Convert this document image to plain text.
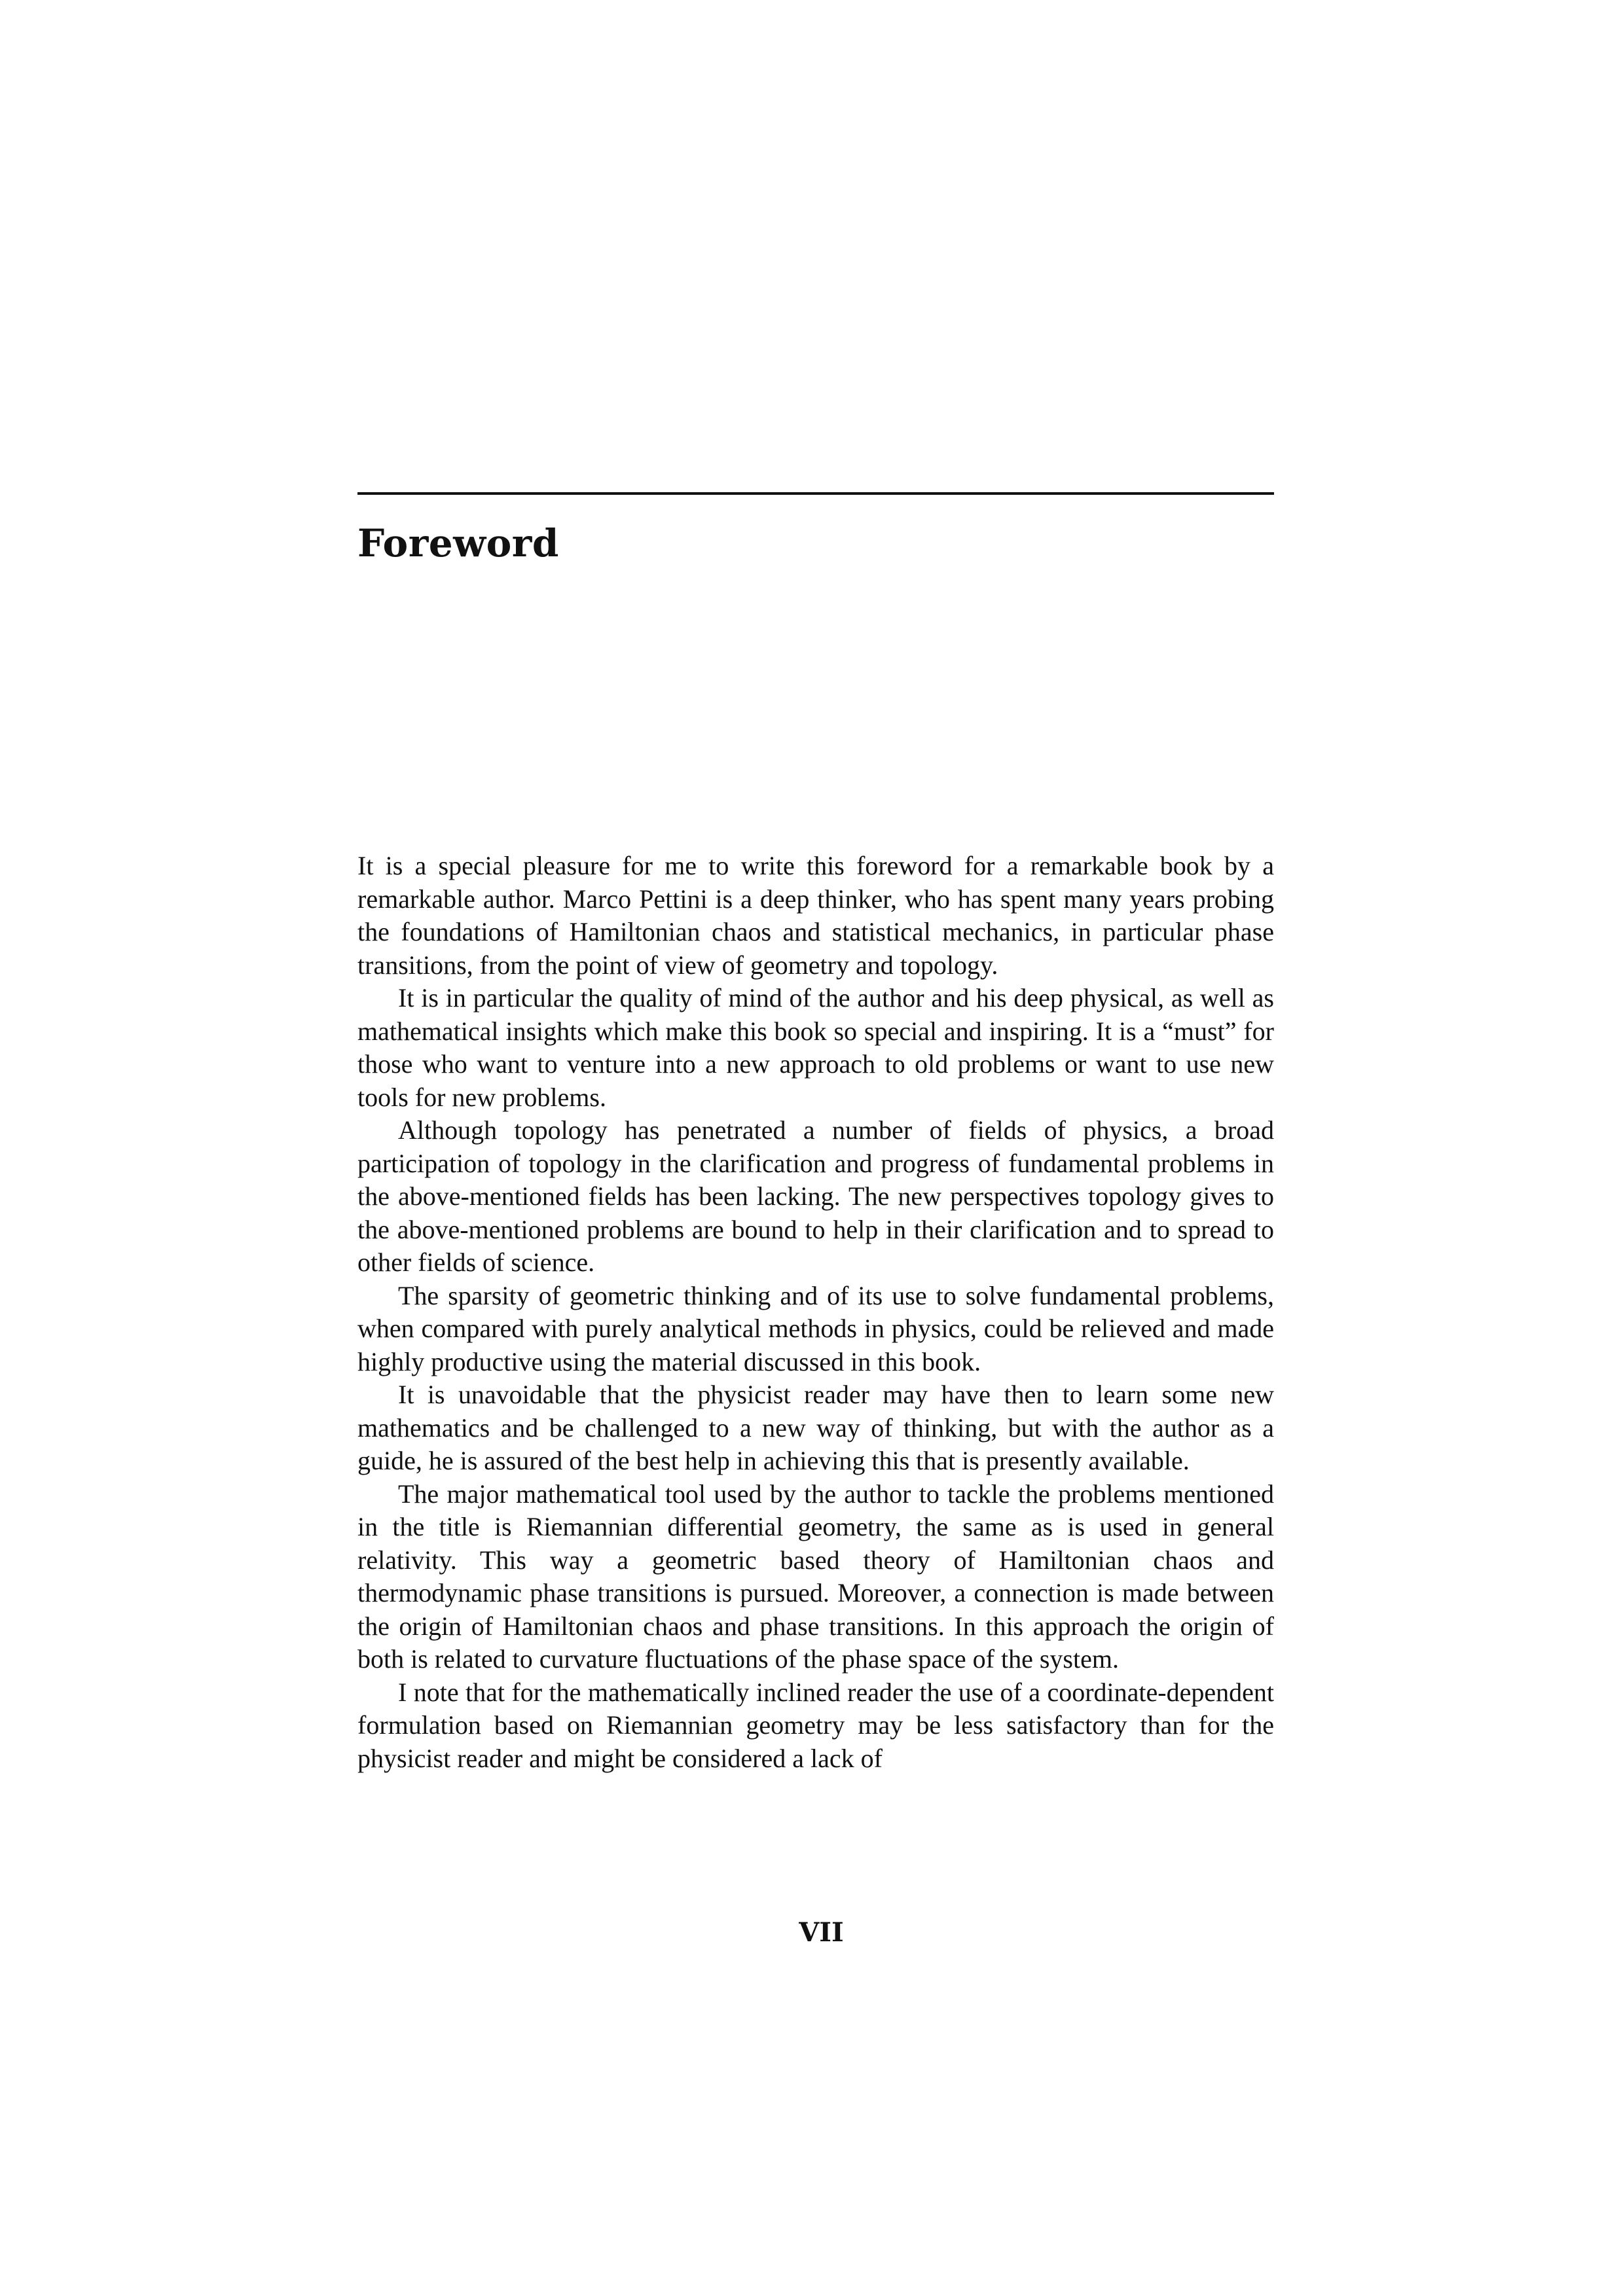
Foreword

It is a special pleasure for me to write this foreword for a remarkable book by a remarkable author. Marco Pettini is a deep thinker, who has spent many years probing the foundations of Hamiltonian chaos and statistical mechanics, in particular phase transitions, from the point of view of geometry and topology.

It is in particular the quality of mind of the author and his deep physical, as well as mathematical insights which make this book so special and inspiring. It is a “must” for those who want to venture into a new approach to old problems or want to use new tools for new problems.

Although topology has penetrated a number of fields of physics, a broad participation of topology in the clarification and progress of fundamental problems in the above-mentioned fields has been lacking. The new perspectives topology gives to the above-mentioned problems are bound to help in their clarification and to spread to other fields of science.

The sparsity of geometric thinking and of its use to solve fundamental problems, when compared with purely analytical methods in physics, could be relieved and made highly productive using the material discussed in this book.

It is unavoidable that the physicist reader may have then to learn some new mathematics and be challenged to a new way of thinking, but with the author as a guide, he is assured of the best help in achieving this that is presently available.

The major mathematical tool used by the author to tackle the problems mentioned in the title is Riemannian differential geometry, the same as is used in general relativity. This way a geometric based theory of Hamiltonian chaos and thermodynamic phase transitions is pursued. Moreover, a connection is made between the origin of Hamiltonian chaos and phase transitions. In this approach the origin of both is related to curvature fluctuations of the phase space of the system.

I note that for the mathematically inclined reader the use of a coordinate-dependent formulation based on Riemannian geometry may be less satisfactory than for the physicist reader and might be considered a lack of

VII
